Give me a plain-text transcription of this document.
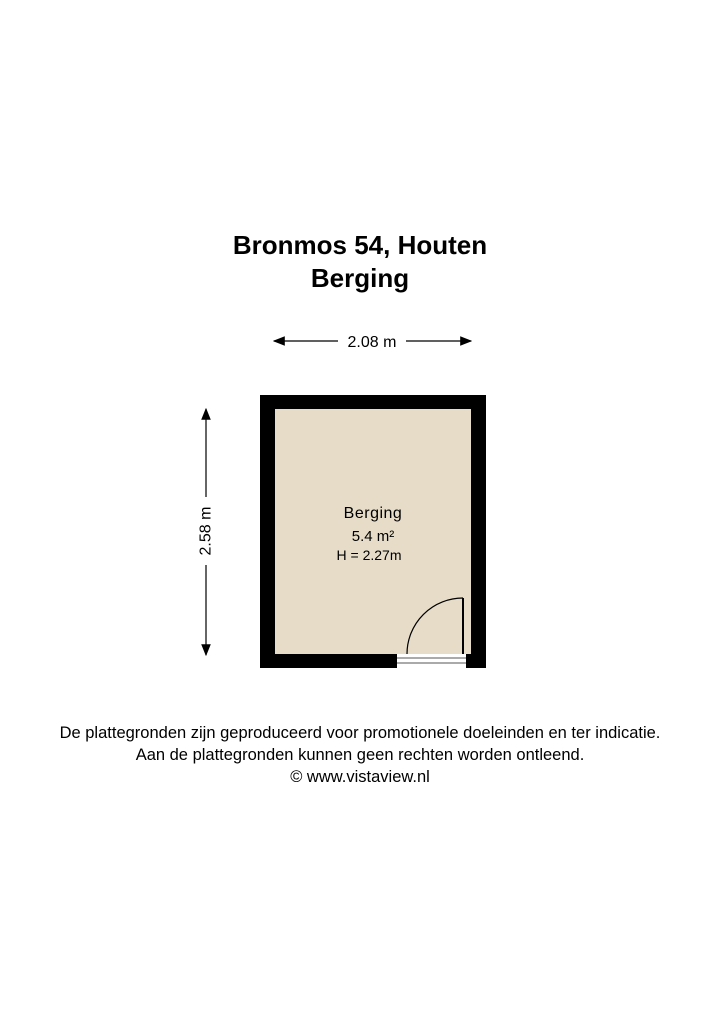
Bronmos 54, Houten
Berging
2.08 m
2.58 m	Berging
5.4 m²
H = 2.27m
De plattegronden zijn geproduceerd voor promotionele doeleinden en ter indicatie.
Aan de plattegronden kunnen geen rechten worden ontleend.
© www.vistaview.nl
